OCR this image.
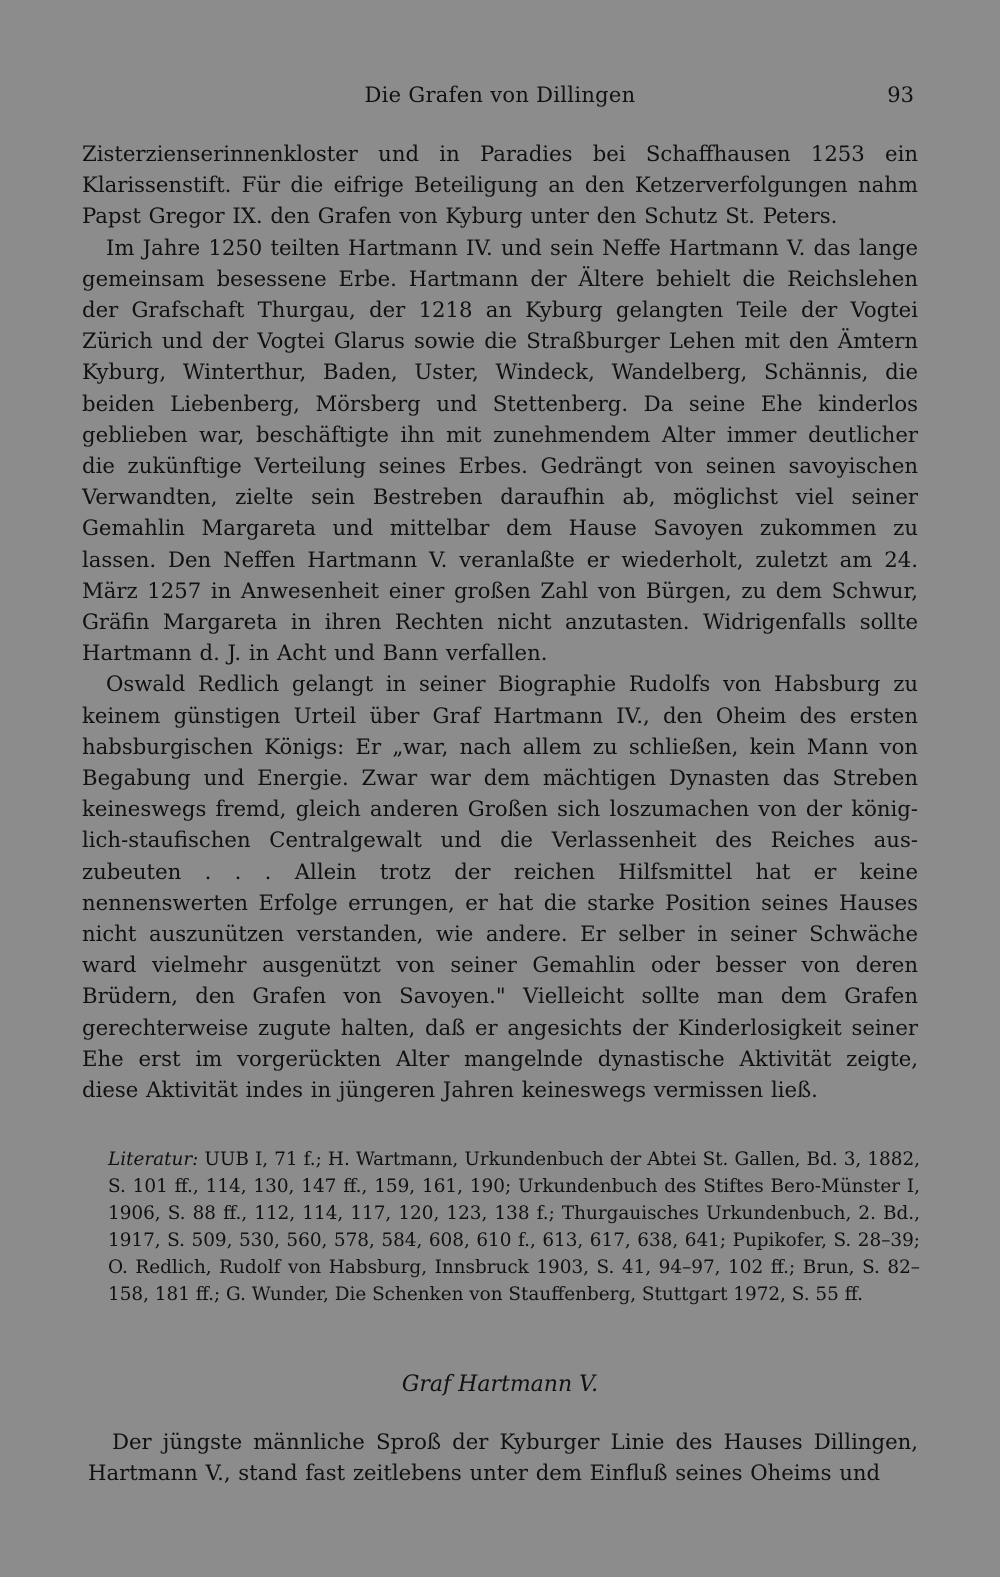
Die Grafen von Dillingen	93

Zisterzienserinnenkloster und in Paradies bei Schaffhausen 1253 ein Klarissenstift. Für die eifrige Beteiligung an den Ketzerverfolgungen nahm Papst Gregor IX. den Grafen von Kyburg unter den Schutz St. Peters.

Im Jahre 1250 teilten Hartmann IV. und sein Neffe Hartmann V. das lange gemeinsam besessene Erbe. Hartmann der Ältere behielt die Reichslehen der Grafschaft Thurgau, der 1218 an Kyburg gelangten Teile der Vogtei Zürich und der Vogtei Glarus sowie die Straßburger Lehen mit den Ämtern Kyburg, Winterthur, Baden, Uster, Windeck, Wandelberg, Schännis, die beiden Liebenberg, Mörsberg und Stettenberg. Da seine Ehe kinderlos geblieben war, beschäftigte ihn mit zunehmendem Alter immer deutlicher die zukünftige Verteilung seines Erbes. Gedrängt von seinen savoyischen Verwandten, zielte sein Bestreben daraufhin ab, möglichst viel seiner Gemahlin Margareta und mittelbar dem Hause Savoyen zukommen zu lassen. Den Neffen Hartmann V. veranlaßte er wiederholt, zuletzt am 24. März 1257 in Anwesenheit einer großen Zahl von Bürgen, zu dem Schwur, Gräfin Margareta in ihren Rechten nicht anzutasten. Widrigenfalls sollte Hartmann d. J. in Acht und Bann verfallen.

Oswald Redlich gelangt in seiner Biographie Rudolfs von Habsburg zu keinem günstigen Urteil über Graf Hartmann IV., den Oheim des ersten habsburgischen Königs: Er „war, nach allem zu schließen, kein Mann von Begabung und Energie. Zwar war dem mächtigen Dynasten das Streben keineswegs fremd, gleich anderen Großen sich loszumachen von der königlich-staufischen Centralgewalt und die Verlassenheit des Reiches auszubeuten . . . Allein trotz der reichen Hilfsmittel hat er keine nennenswerten Erfolge errungen, er hat die starke Position seines Hauses nicht auszunützen verstanden, wie andere. Er selber in seiner Schwäche ward vielmehr ausgenützt von seiner Gemahlin oder besser von deren Brüdern, den Grafen von Savoyen." Vielleicht sollte man dem Grafen gerechterweise zugute halten, daß er angesichts der Kinderlosigkeit seiner Ehe erst im vorgerückten Alter mangelnde dynastische Aktivität zeigte, diese Aktivität indes in jüngeren Jahren keineswegs vermissen ließ.

Literatur: UUB I, 71 f.; H. Wartmann, Urkundenbuch der Abtei St. Gallen, Bd. 3, 1882, S. 101 ff., 114, 130, 147 ff., 159, 161, 190; Urkundenbuch des Stiftes Bero-Münster I, 1906, S. 88 ff., 112, 114, 117, 120, 123, 138 f.; Thurgauisches Urkundenbuch, 2. Bd., 1917, S. 509, 530, 560, 578, 584, 608, 610 f., 613, 617, 638, 641; Pupikofer, S. 28–39; O. Redlich, Rudolf von Habsburg, Innsbruck 1903, S. 41, 94–97, 102 ff.; Brun, S. 82–158, 181 ff.; G. Wunder, Die Schenken von Stauffenberg, Stuttgart 1972, S. 55 ff.
Graf Hartmann V.

Der jüngste männliche Sproß der Kyburger Linie des Hauses Dillingen, Hartmann V., stand fast zeitlebens unter dem Einfluß seines Oheims und
